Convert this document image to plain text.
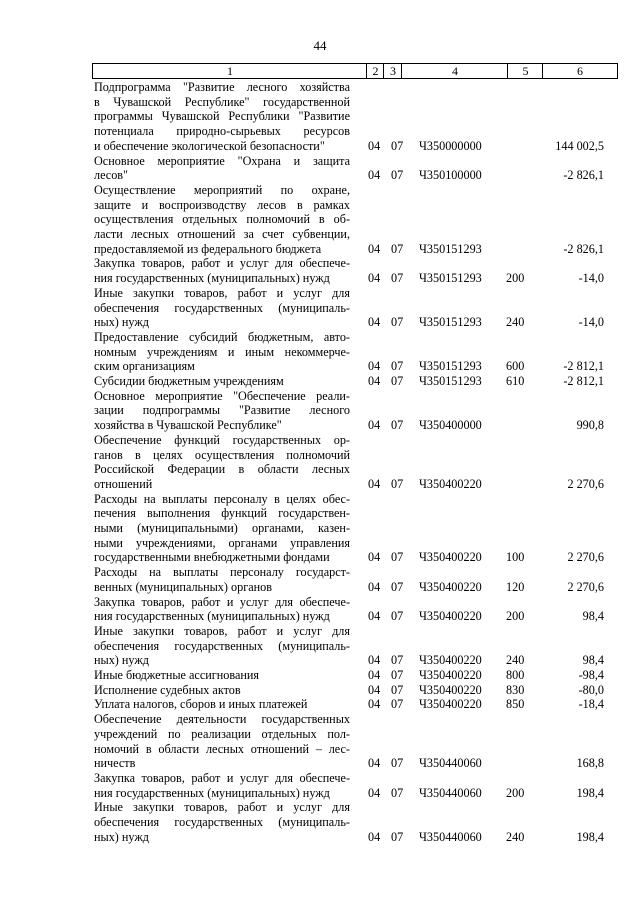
44
1	2 3	4	5	6
Подпрограмма "Развитие лесного хозяйства
в Чувашской Республике" государственной
программы Чувашской Республики "Развитие
потенциала природно-сырьевых ресурсов
и обеспечение экологической безопасности"	04 07 Ч350000000	144 002,5
Основное мероприятие "Охрана и защита
лесов"	04 07 Ч350100000	-2 826,1
Осуществление мероприятий по охране,
защите и воспроизводству лесов в рамках
осуществления отдельных полномочий в об-
ласти лесных отношений за счет субвенции,
предоставляемой из федерального бюджета	04 07 Ч350151293	-2 826,1
Закупка товаров, работ и услуг для обеспече-
ния государственных (муниципальных) нужд	04 07 Ч350151293 200	-14,0
Иные закупки товаров, работ и услуг для
обеспечения государственных (муниципаль-
ных) нужд	04 07 Ч350151293 240	-14,0
Предоставление субсидий бюджетным, авто-
номным учреждениям и иным некоммерче-
ским организациям	04 07 Ч350151293 600	-2 812,1
Субсидии бюджетным учреждениям	04 07 Ч350151293 610	-2 812,1
Основное мероприятие "Обеспечение реали-
зации подпрограммы "Развитие лесного
хозяйства в Чувашской Республике"	04 07 Ч350400000	990,8
Обеспечение функций государственных ор-
ганов в целях осуществления полномочий
Российской Федерации в области лесных
отношений	04 07 Ч350400220	2 270,6
Расходы на выплаты персоналу в целях обес-
печения выполнения функций государствен-
ными (муниципальными) органами, казен-
ными учреждениями, органами управления
государственными внебюджетными фондами	04 07 Ч350400220 100	2 270,6
Расходы на выплаты персоналу государст-
венных (муниципальных) органов	04 07 Ч350400220 120	2 270,6
Закупка товаров, работ и услуг для обеспече-
ния государственных (муниципальных) нужд	04 07 Ч350400220 200	98,4
Иные закупки товаров, работ и услуг для
обеспечения государственных (муниципаль-
ных) нужд	04 07 Ч350400220 240	98,4
Иные бюджетные ассигнования	04 07 Ч350400220 800	-98,4
Исполнение судебных актов	04 07 Ч350400220 830	-80,0
Уплата налогов, сборов и иных платежей	04 07 Ч350400220 850	-18,4
Обеспечение деятельности государственных
учреждений по реализации отдельных пол-
номочий в области лесных отношений – лес-
ничеств	04 07 Ч350440060	168,8
Закупка товаров, работ и услуг для обеспече-
ния государственных (муниципальных) нужд	04 07 Ч350440060 200	198,4
Иные закупки товаров, работ и услуг для
обеспечения государственных (муниципаль-
ных) нужд	04 07 Ч350440060 240	198,4
